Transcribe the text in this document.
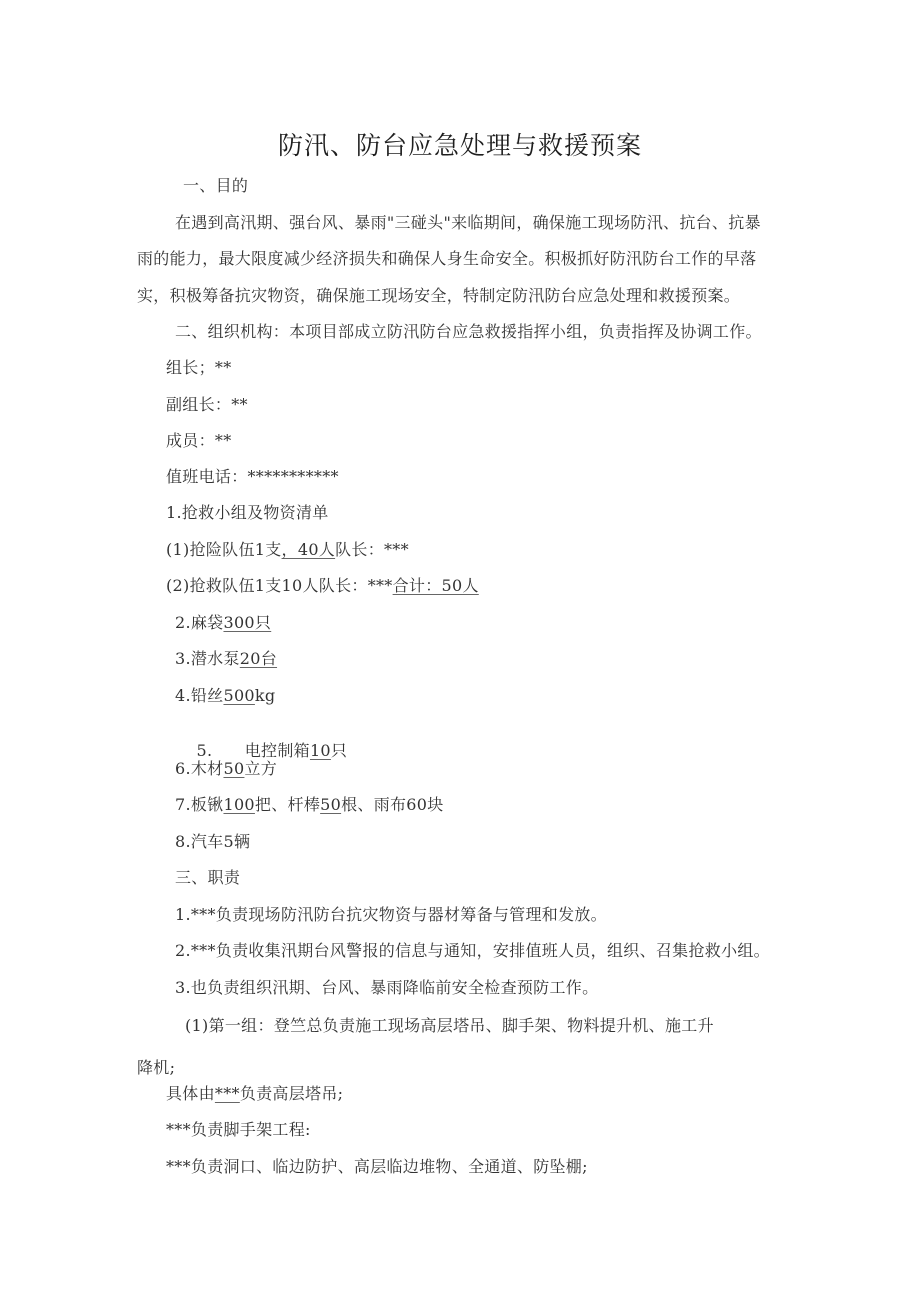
防汛、防台应急处理与救援预案
一、目的
在遇到高汛期、强台风、暴雨"三碰头"来临期间，确保施工现场防汛、抗台、抗暴
雨的能力，最大限度减少经济损失和确保人身生命安全。积极抓好防汛防台工作的早落
实，积极筹备抗灾物资，确保施工现场安全，特制定防汛防台应急处理和救援预案。
二、组织机构：本项目部成立防汛防台应急救援指挥小组，负责指挥及协调工作。
组长；**
副组长：**
成员：**
值班电话：***********
1.抢救小组及物资清单
(1)抢险队伍1支，40人队长：***
(2)抢救队伍1支10人队长：***合计：50人
2.麻袋300只
3.潜水泵20台
4.铅丝500kg

5.      电控制箱10只

6.木材50立方
7.板锹100把、杆棒50根、雨布60块
8.汽车5辆
三、职责
1.***负责现场防汛防台抗灾物资与器材筹备与管理和发放。
2.***负责收集汛期台风警报的信息与通知，安排值班人员，组织、召集抢救小组。
3.也负责组织汛期、台风、暴雨降临前安全检查预防工作。
(1)第一组：登竺总负责施工现场高层塔吊、脚手架、物料提升机、施工升
降机;
具体由***负责高层塔吊;
***负责脚手架工程:
***负责洞口、临边防护、高层临边堆物、全通道、防坠棚;
